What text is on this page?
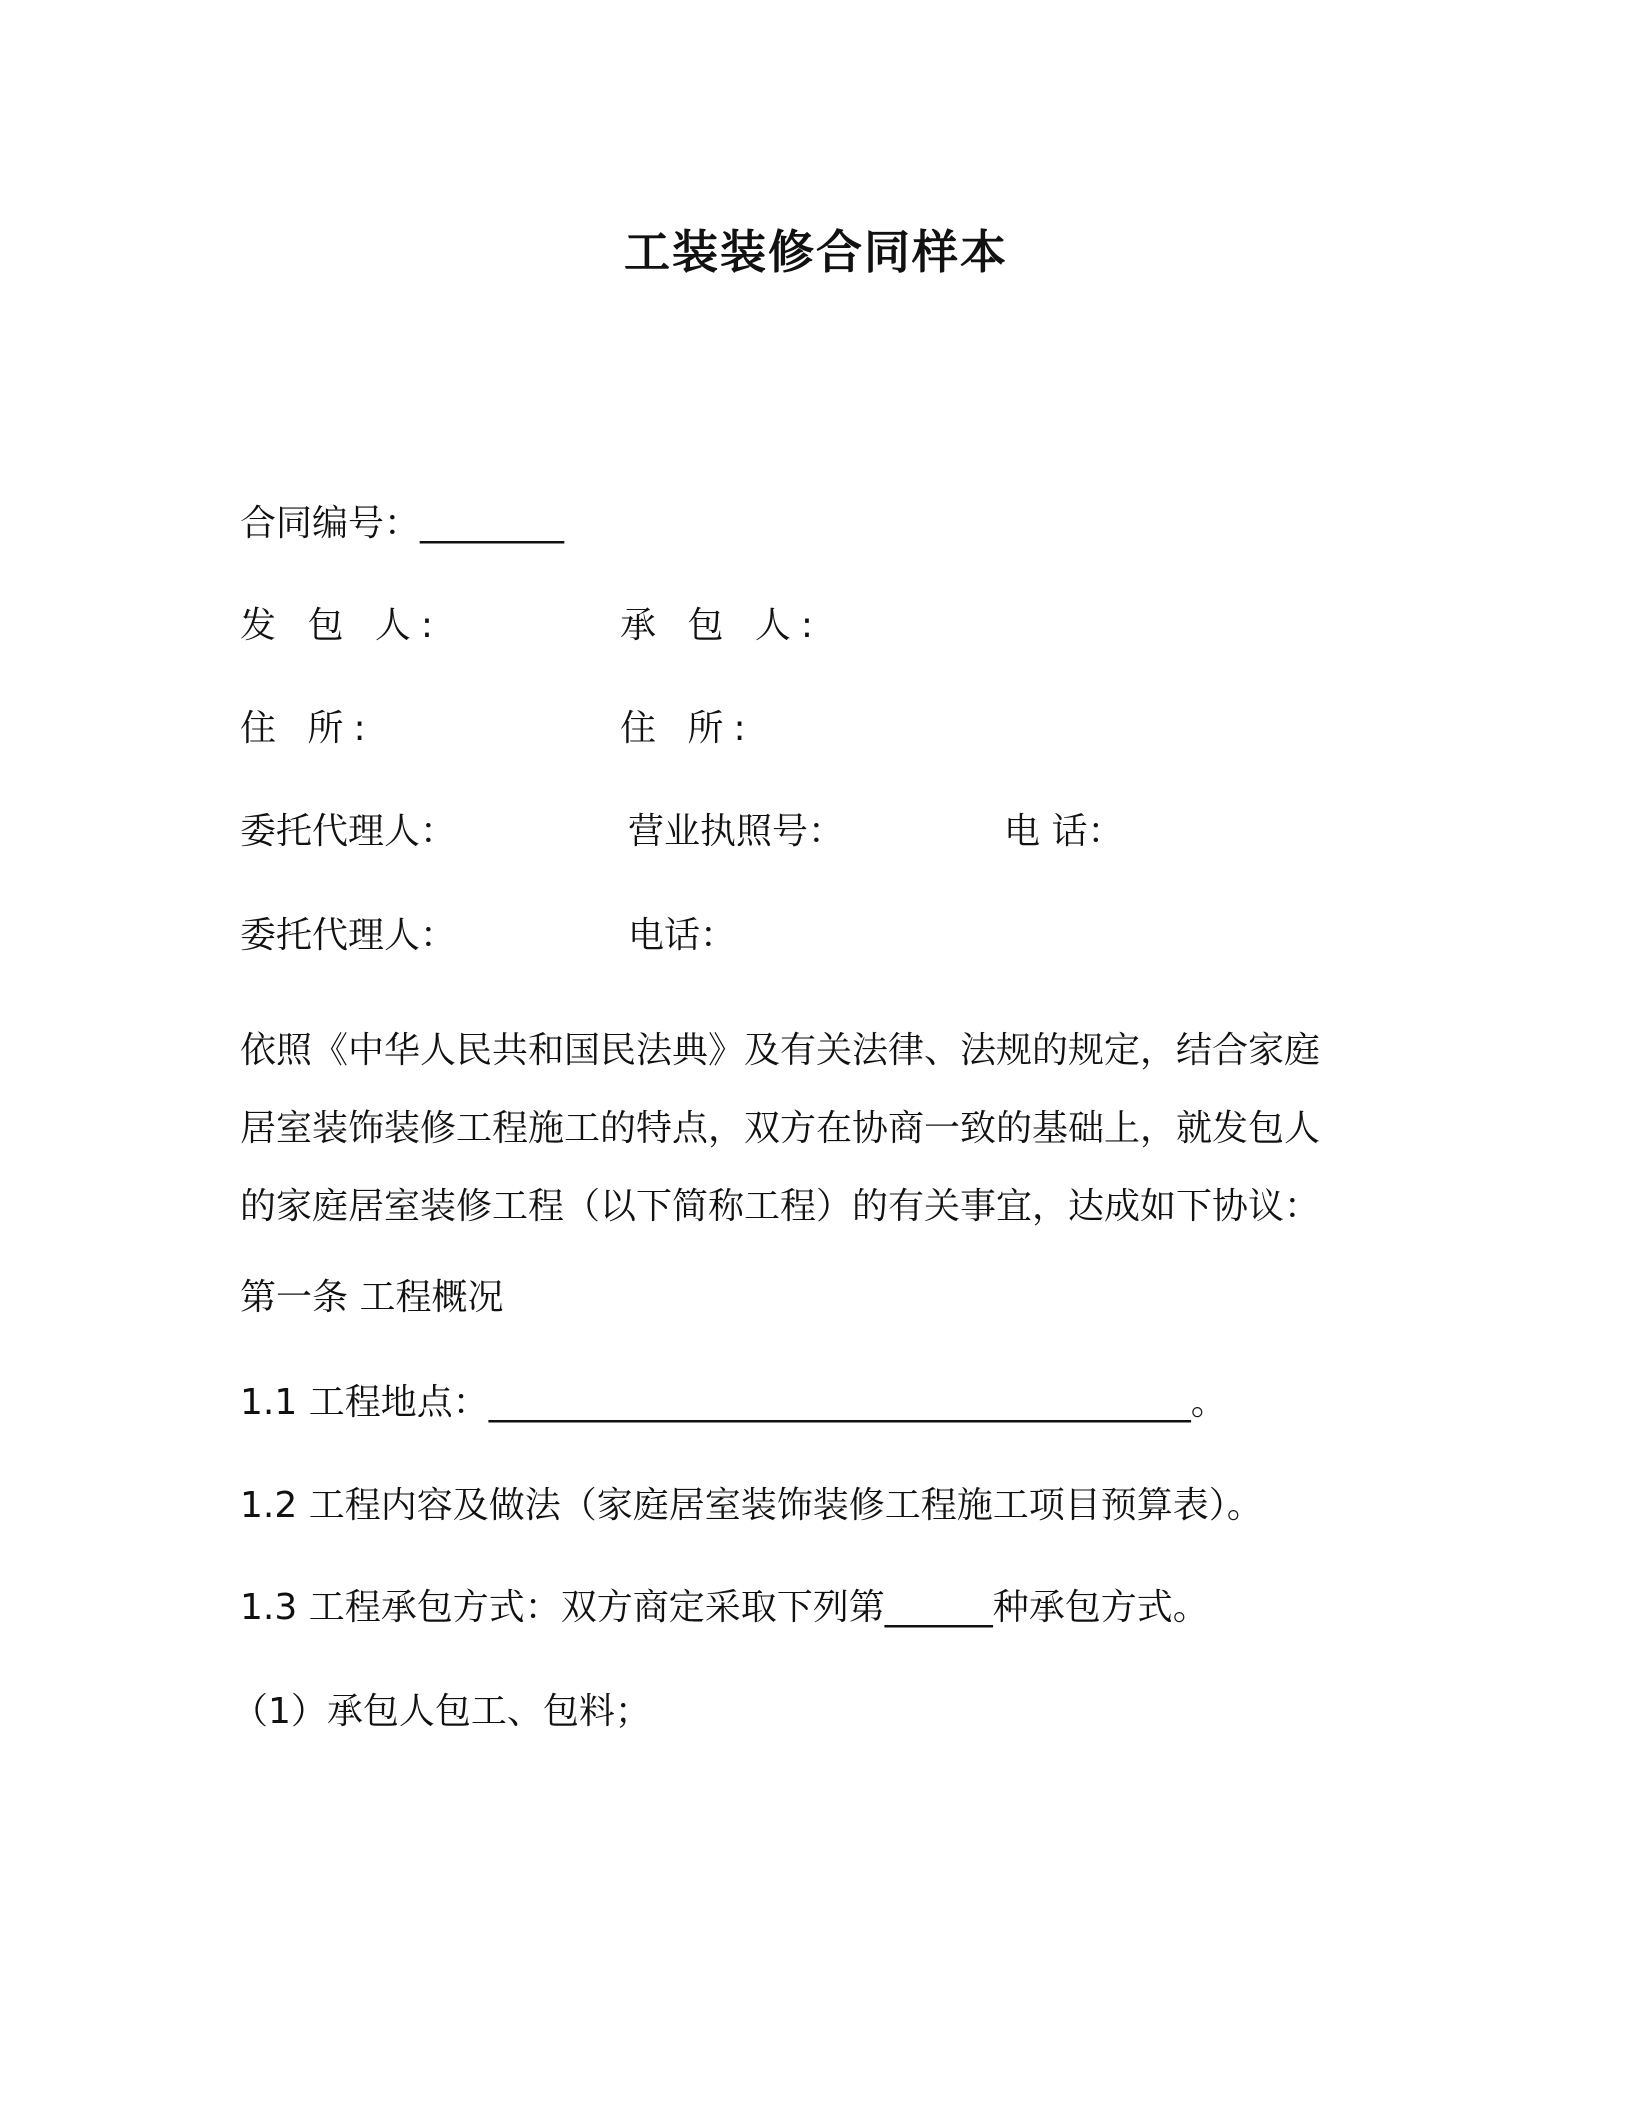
工装装修合同样本
合同编号：________
发 包 人:	承 包 人:
住 所:	住 所:
委托代理人：	营业执照号：	电 话：
委托代理人：	电话：
依照《中华人民共和国民法典》及有关法律、法规的规定，结合家庭
居室装饰装修工程施工的特点，双方在协商一致的基础上，就发包人
的家庭居室装修工程（以下简称工程）的有关事宜，达成如下协议：
第一条 工程概况
1.1 工程地点：_______________________________________。
1.2 工程内容及做法（家庭居室装饰装修工程施工项目预算表）。
1.3 工程承包方式：双方商定采取下列第______种承包方式。
（1）承包人包工、包料；
